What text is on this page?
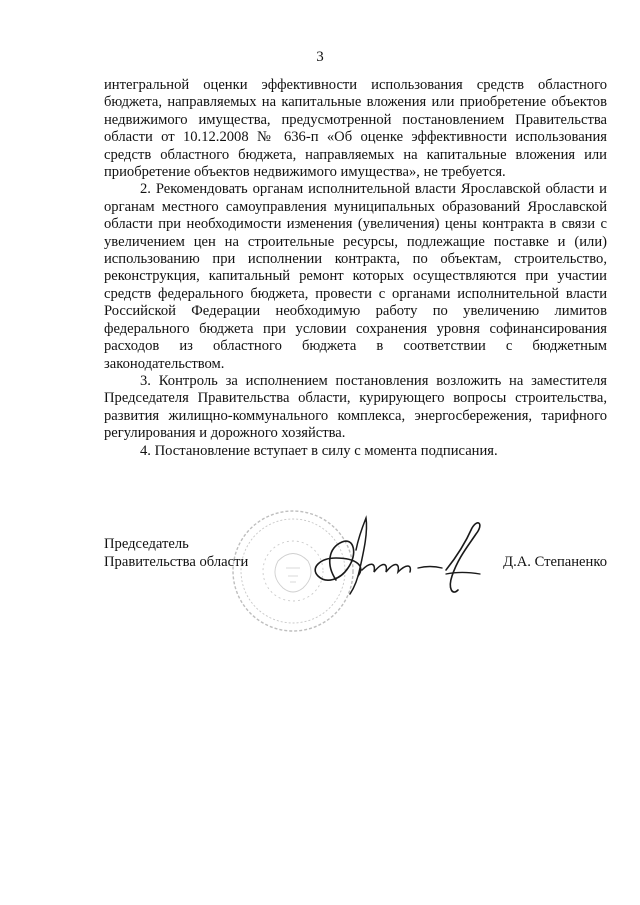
3

интегральной оценки эффективности использования средств областного бюджета, направляемых на капитальные вложения или приобретение объектов недвижимого имущества, предусмотренной постановлением Правительства области от 10.12.2008 № 636-п «Об оценке эффективности использования средств областного бюджета, направляемых на капитальные вложения или приобретение объектов недвижимого имущества», не требуется.

2. Рекомендовать органам исполнительной власти Ярославской области и органам местного самоуправления муниципальных образований Ярославской области при необходимости изменения (увеличения) цены контракта в связи с увеличением цен на строительные ресурсы, подлежащие поставке и (или) использованию при исполнении контракта, по объектам, строительство, реконструкция, капитальный ремонт которых осуществляются при участии средств федерального бюджета, провести с органами исполнительной власти Российской Федерации необходимую работу по увеличению лимитов федерального бюджета при условии сохранения уровня софинансирования расходов из областного бюджета в соответствии с бюджетным законодательством.

3. Контроль за исполнением постановления возложить на заместителя Председателя Правительства области, курирующего вопросы строительства, развития жилищно-коммунального комплекса, энергосбережения, тарифного регулирования и дорожного хозяйства.

4. Постановление вступает в силу с момента подписания.

Председатель
Правительства области	Д.А. Степаненко
